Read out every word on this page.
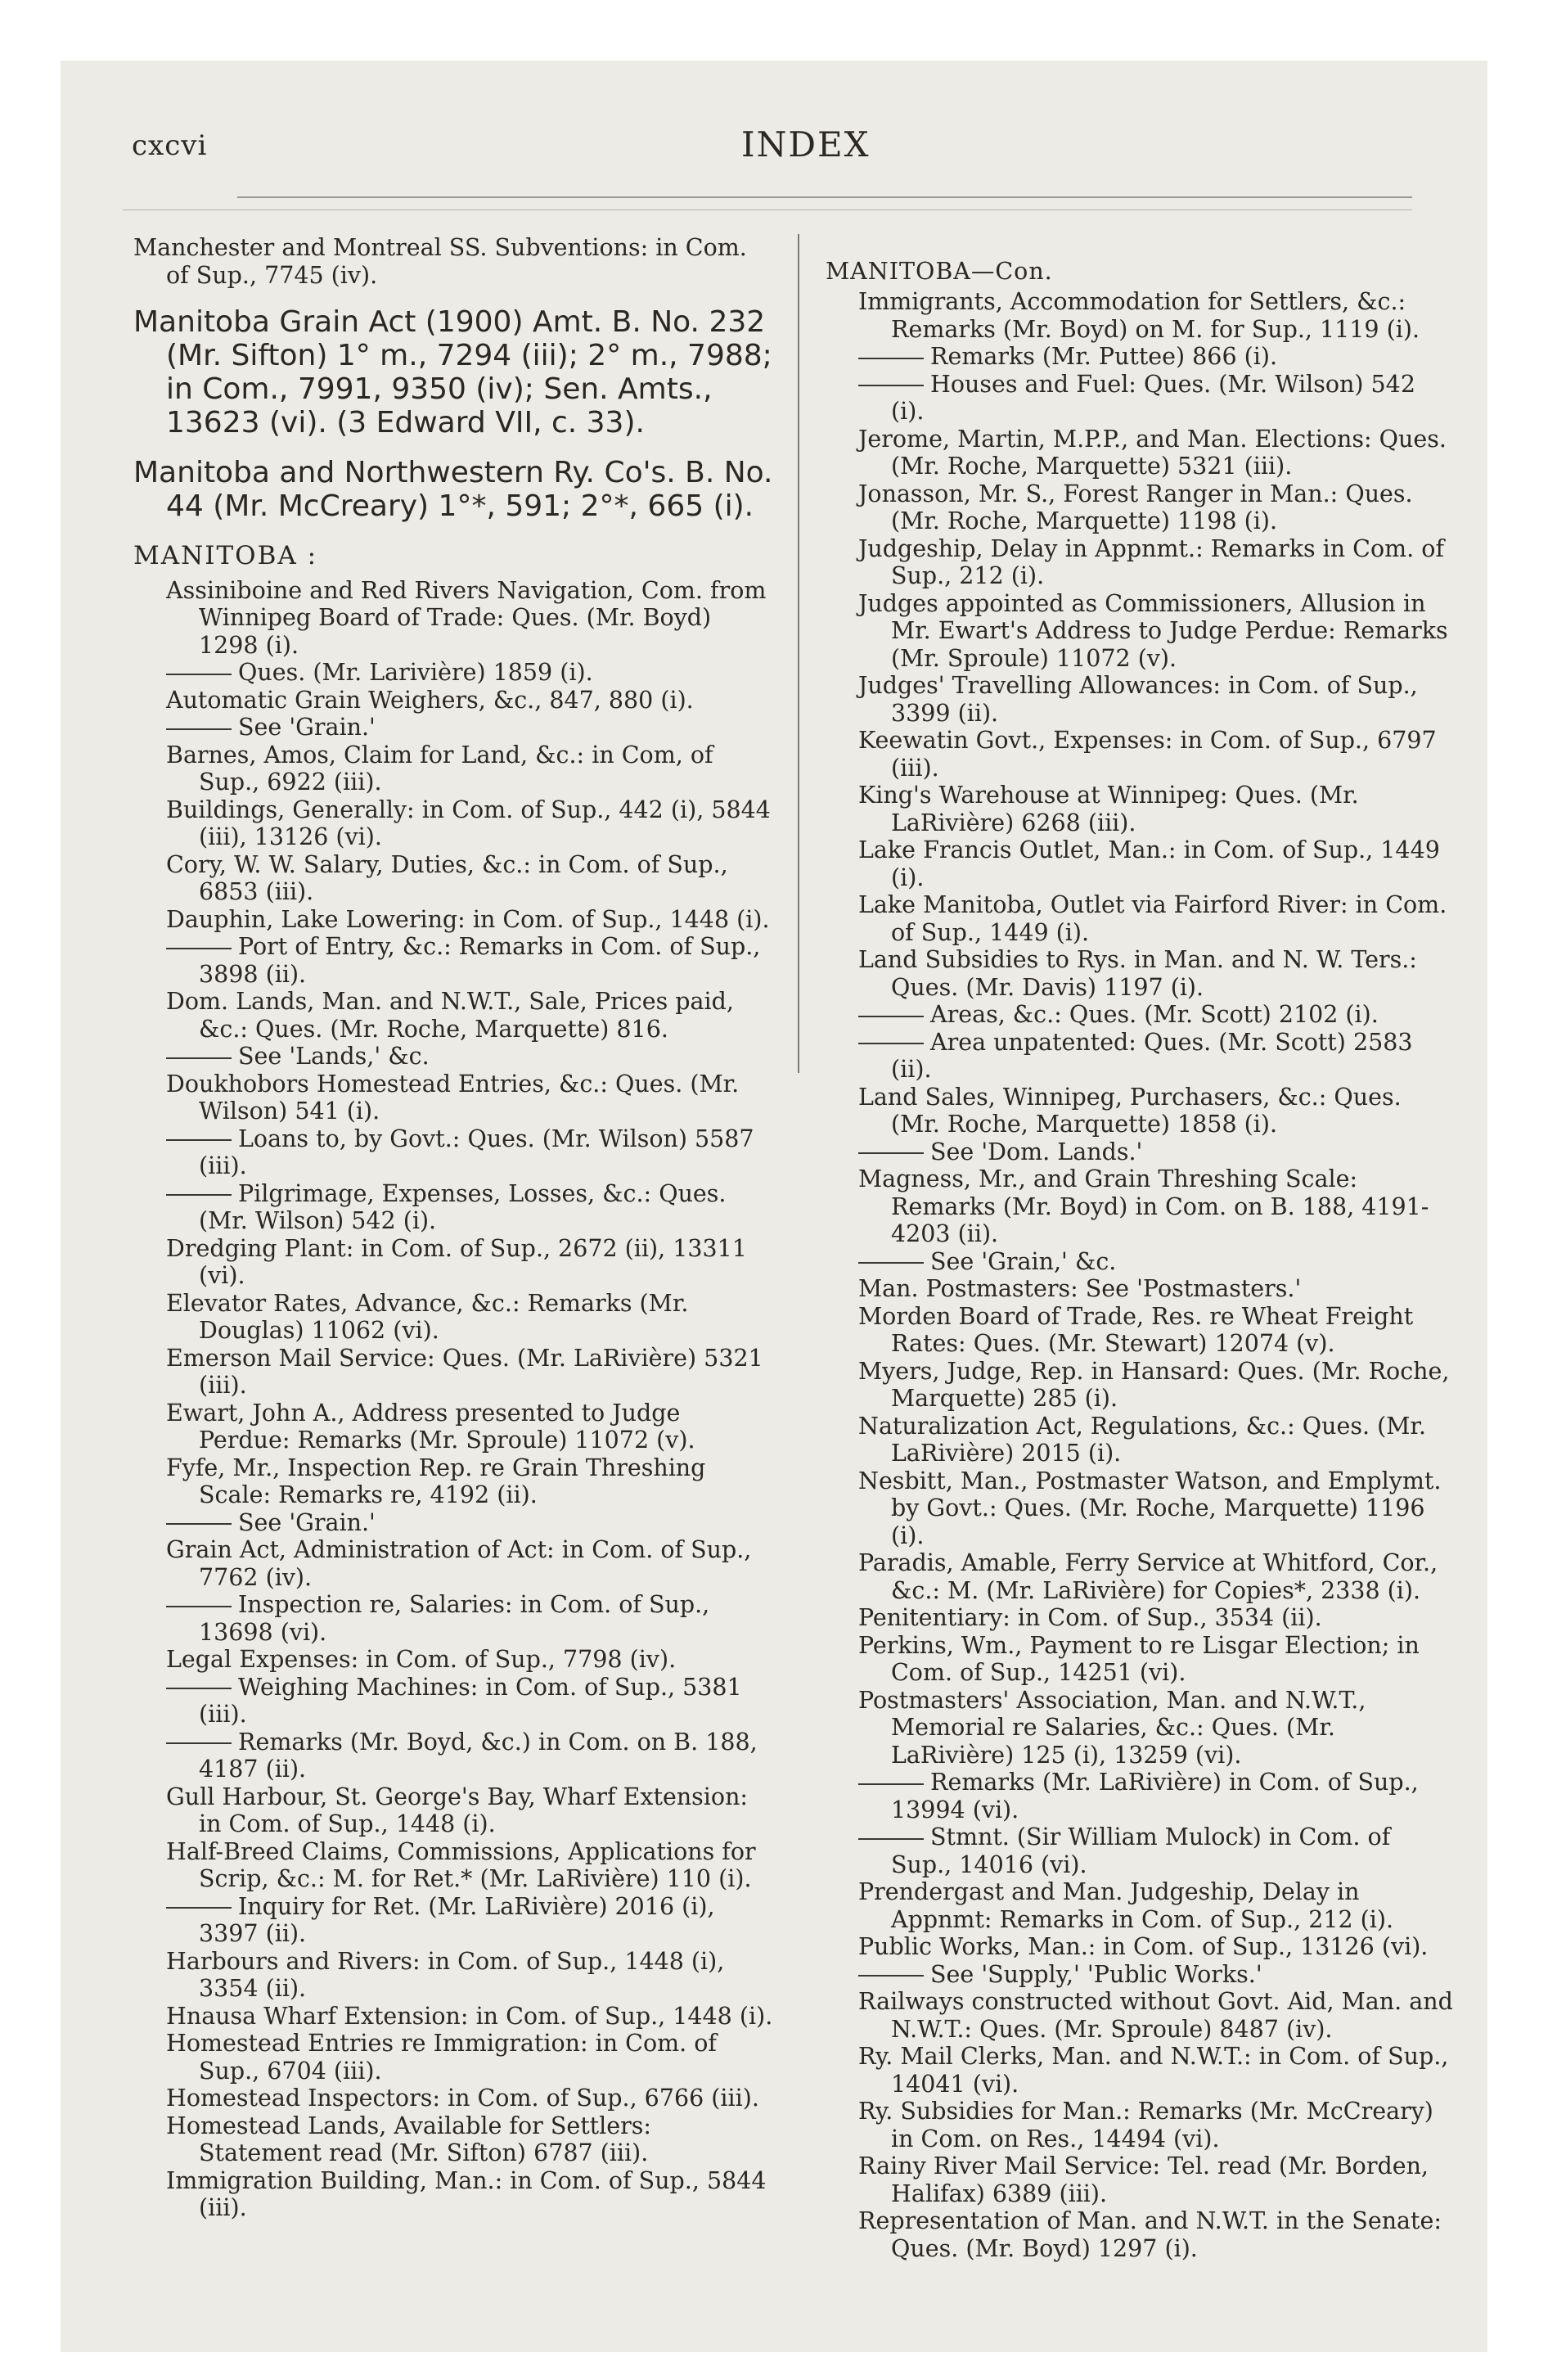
cxcvi	INDEX

Manchester and Montreal SS. Subventions: in Com. of Sup., 7745 (iv).

Manitoba Grain Act (1900) Amt. B. No. 232 (Mr. Sifton) 1° m., 7294 (iii); 2° m., 7988; in Com., 7991, 9350 (iv); Sen. Amts., 13623 (vi). (3 Edward VII, c. 33).

Manitoba and Northwestern Ry. Co's. B. No. 44 (Mr. McCreary) 1°*, 591; 2°*, 665 (i).

MANITOBA :

Assiniboine and Red Rivers Navigation, Com. from Winnipeg Board of Trade: Ques. (Mr. Boyd) 1298 (i).

Ques. (Mr. Larivière) 1859 (i).

Automatic Grain Weighers, &c., 847, 880 (i).

See 'Grain.'

Barnes, Amos, Claim for Land, &c.: in Com, of Sup., 6922 (iii).

Buildings, Generally: in Com. of Sup., 442 (i), 5844 (iii), 13126 (vi).

Cory, W. W. Salary, Duties, &c.: in Com. of Sup., 6853 (iii).

Dauphin, Lake Lowering: in Com. of Sup., 1448 (i).

Port of Entry, &c.: Remarks in Com. of Sup., 3898 (ii).

Dom. Lands, Man. and N.W.T., Sale, Prices paid, &c.: Ques. (Mr. Roche, Marquette) 816.

See 'Lands,' &c.

Doukhobors Homestead Entries, &c.: Ques. (Mr. Wilson) 541 (i).

Loans to, by Govt.: Ques. (Mr. Wilson) 5587 (iii).

Pilgrimage, Expenses, Losses, &c.: Ques. (Mr. Wilson) 542 (i).

Dredging Plant: in Com. of Sup., 2672 (ii), 13311 (vi).

Elevator Rates, Advance, &c.: Remarks (Mr. Douglas) 11062 (vi).

Emerson Mail Service: Ques. (Mr. LaRivière) 5321 (iii).

Ewart, John A., Address presented to Judge Perdue: Remarks (Mr. Sproule) 11072 (v).

Fyfe, Mr., Inspection Rep. re Grain Threshing Scale: Remarks re, 4192 (ii).

See 'Grain.'

Grain Act, Administration of Act: in Com. of Sup., 7762 (iv).

Inspection re, Salaries: in Com. of Sup., 13698 (vi).

Legal Expenses: in Com. of Sup., 7798 (iv).

Weighing Machines: in Com. of Sup., 5381 (iii).

Remarks (Mr. Boyd, &c.) in Com. on B. 188, 4187 (ii).

Gull Harbour, St. George's Bay, Wharf Extension: in Com. of Sup., 1448 (i).

Half-Breed Claims, Commissions, Applications for Scrip, &c.: M. for Ret.* (Mr. LaRivière) 110 (i).

Inquiry for Ret. (Mr. LaRivière) 2016 (i), 3397 (ii).

Harbours and Rivers: in Com. of Sup., 1448 (i), 3354 (ii).

Hnausa Wharf Extension: in Com. of Sup., 1448 (i).

Homestead Entries re Immigration: in Com. of Sup., 6704 (iii).

Homestead Inspectors: in Com. of Sup., 6766 (iii).

Homestead Lands, Available for Settlers: Statement read (Mr. Sifton) 6787 (iii).

Immigration Building, Man.: in Com. of Sup., 5844 (iii).

MANITOBA—Con.

Immigrants, Accommodation for Settlers, &c.: Remarks (Mr. Boyd) on M. for Sup., 1119 (i).

Remarks (Mr. Puttee) 866 (i).

Houses and Fuel: Ques. (Mr. Wilson) 542 (i).

Jerome, Martin, M.P.P., and Man. Elections: Ques. (Mr. Roche, Marquette) 5321 (iii).

Jonasson, Mr. S., Forest Ranger in Man.: Ques. (Mr. Roche, Marquette) 1198 (i).

Judgeship, Delay in Appnmt.: Remarks in Com. of Sup., 212 (i).

Judges appointed as Commissioners, Allusion in Mr. Ewart's Address to Judge Perdue: Remarks (Mr. Sproule) 11072 (v).

Judges' Travelling Allowances: in Com. of Sup., 3399 (ii).

Keewatin Govt., Expenses: in Com. of Sup., 6797 (iii).

King's Warehouse at Winnipeg: Ques. (Mr. LaRivière) 6268 (iii).

Lake Francis Outlet, Man.: in Com. of Sup., 1449 (i).

Lake Manitoba, Outlet via Fairford River: in Com. of Sup., 1449 (i).

Land Subsidies to Rys. in Man. and N. W. Ters.: Ques. (Mr. Davis) 1197 (i).

Areas, &c.: Ques. (Mr. Scott) 2102 (i).

Area unpatented: Ques. (Mr. Scott) 2583 (ii).

Land Sales, Winnipeg, Purchasers, &c.: Ques. (Mr. Roche, Marquette) 1858 (i).

See 'Dom. Lands.'

Magness, Mr., and Grain Threshing Scale: Remarks (Mr. Boyd) in Com. on B. 188, 4191-4203 (ii).

See 'Grain,' &c.

Man. Postmasters: See 'Postmasters.'

Morden Board of Trade, Res. re Wheat Freight Rates: Ques. (Mr. Stewart) 12074 (v).

Myers, Judge, Rep. in Hansard: Ques. (Mr. Roche, Marquette) 285 (i).

Naturalization Act, Regulations, &c.: Ques. (Mr. LaRivière) 2015 (i).

Nesbitt, Man., Postmaster Watson, and Emplymt. by Govt.: Ques. (Mr. Roche, Marquette) 1196 (i).

Paradis, Amable, Ferry Service at Whitford, Cor., &c.: M. (Mr. LaRivière) for Copies*, 2338 (i).

Penitentiary: in Com. of Sup., 3534 (ii).

Perkins, Wm., Payment to re Lisgar Election; in Com. of Sup., 14251 (vi).

Postmasters' Association, Man. and N.W.T., Memorial re Salaries, &c.: Ques. (Mr. LaRivière) 125 (i), 13259 (vi).

Remarks (Mr. LaRivière) in Com. of Sup., 13994 (vi).

Stmnt. (Sir William Mulock) in Com. of Sup., 14016 (vi).

Prendergast and Man. Judgeship, Delay in Appnmt: Remarks in Com. of Sup., 212 (i).

Public Works, Man.: in Com. of Sup., 13126 (vi).

See 'Supply,' 'Public Works.'

Railways constructed without Govt. Aid, Man. and N.W.T.: Ques. (Mr. Sproule) 8487 (iv).

Ry. Mail Clerks, Man. and N.W.T.: in Com. of Sup., 14041 (vi).

Ry. Subsidies for Man.: Remarks (Mr. McCreary) in Com. on Res., 14494 (vi).

Rainy River Mail Service: Tel. read (Mr. Borden, Halifax) 6389 (iii).

Representation of Man. and N.W.T. in the Senate: Ques. (Mr. Boyd) 1297 (i).
